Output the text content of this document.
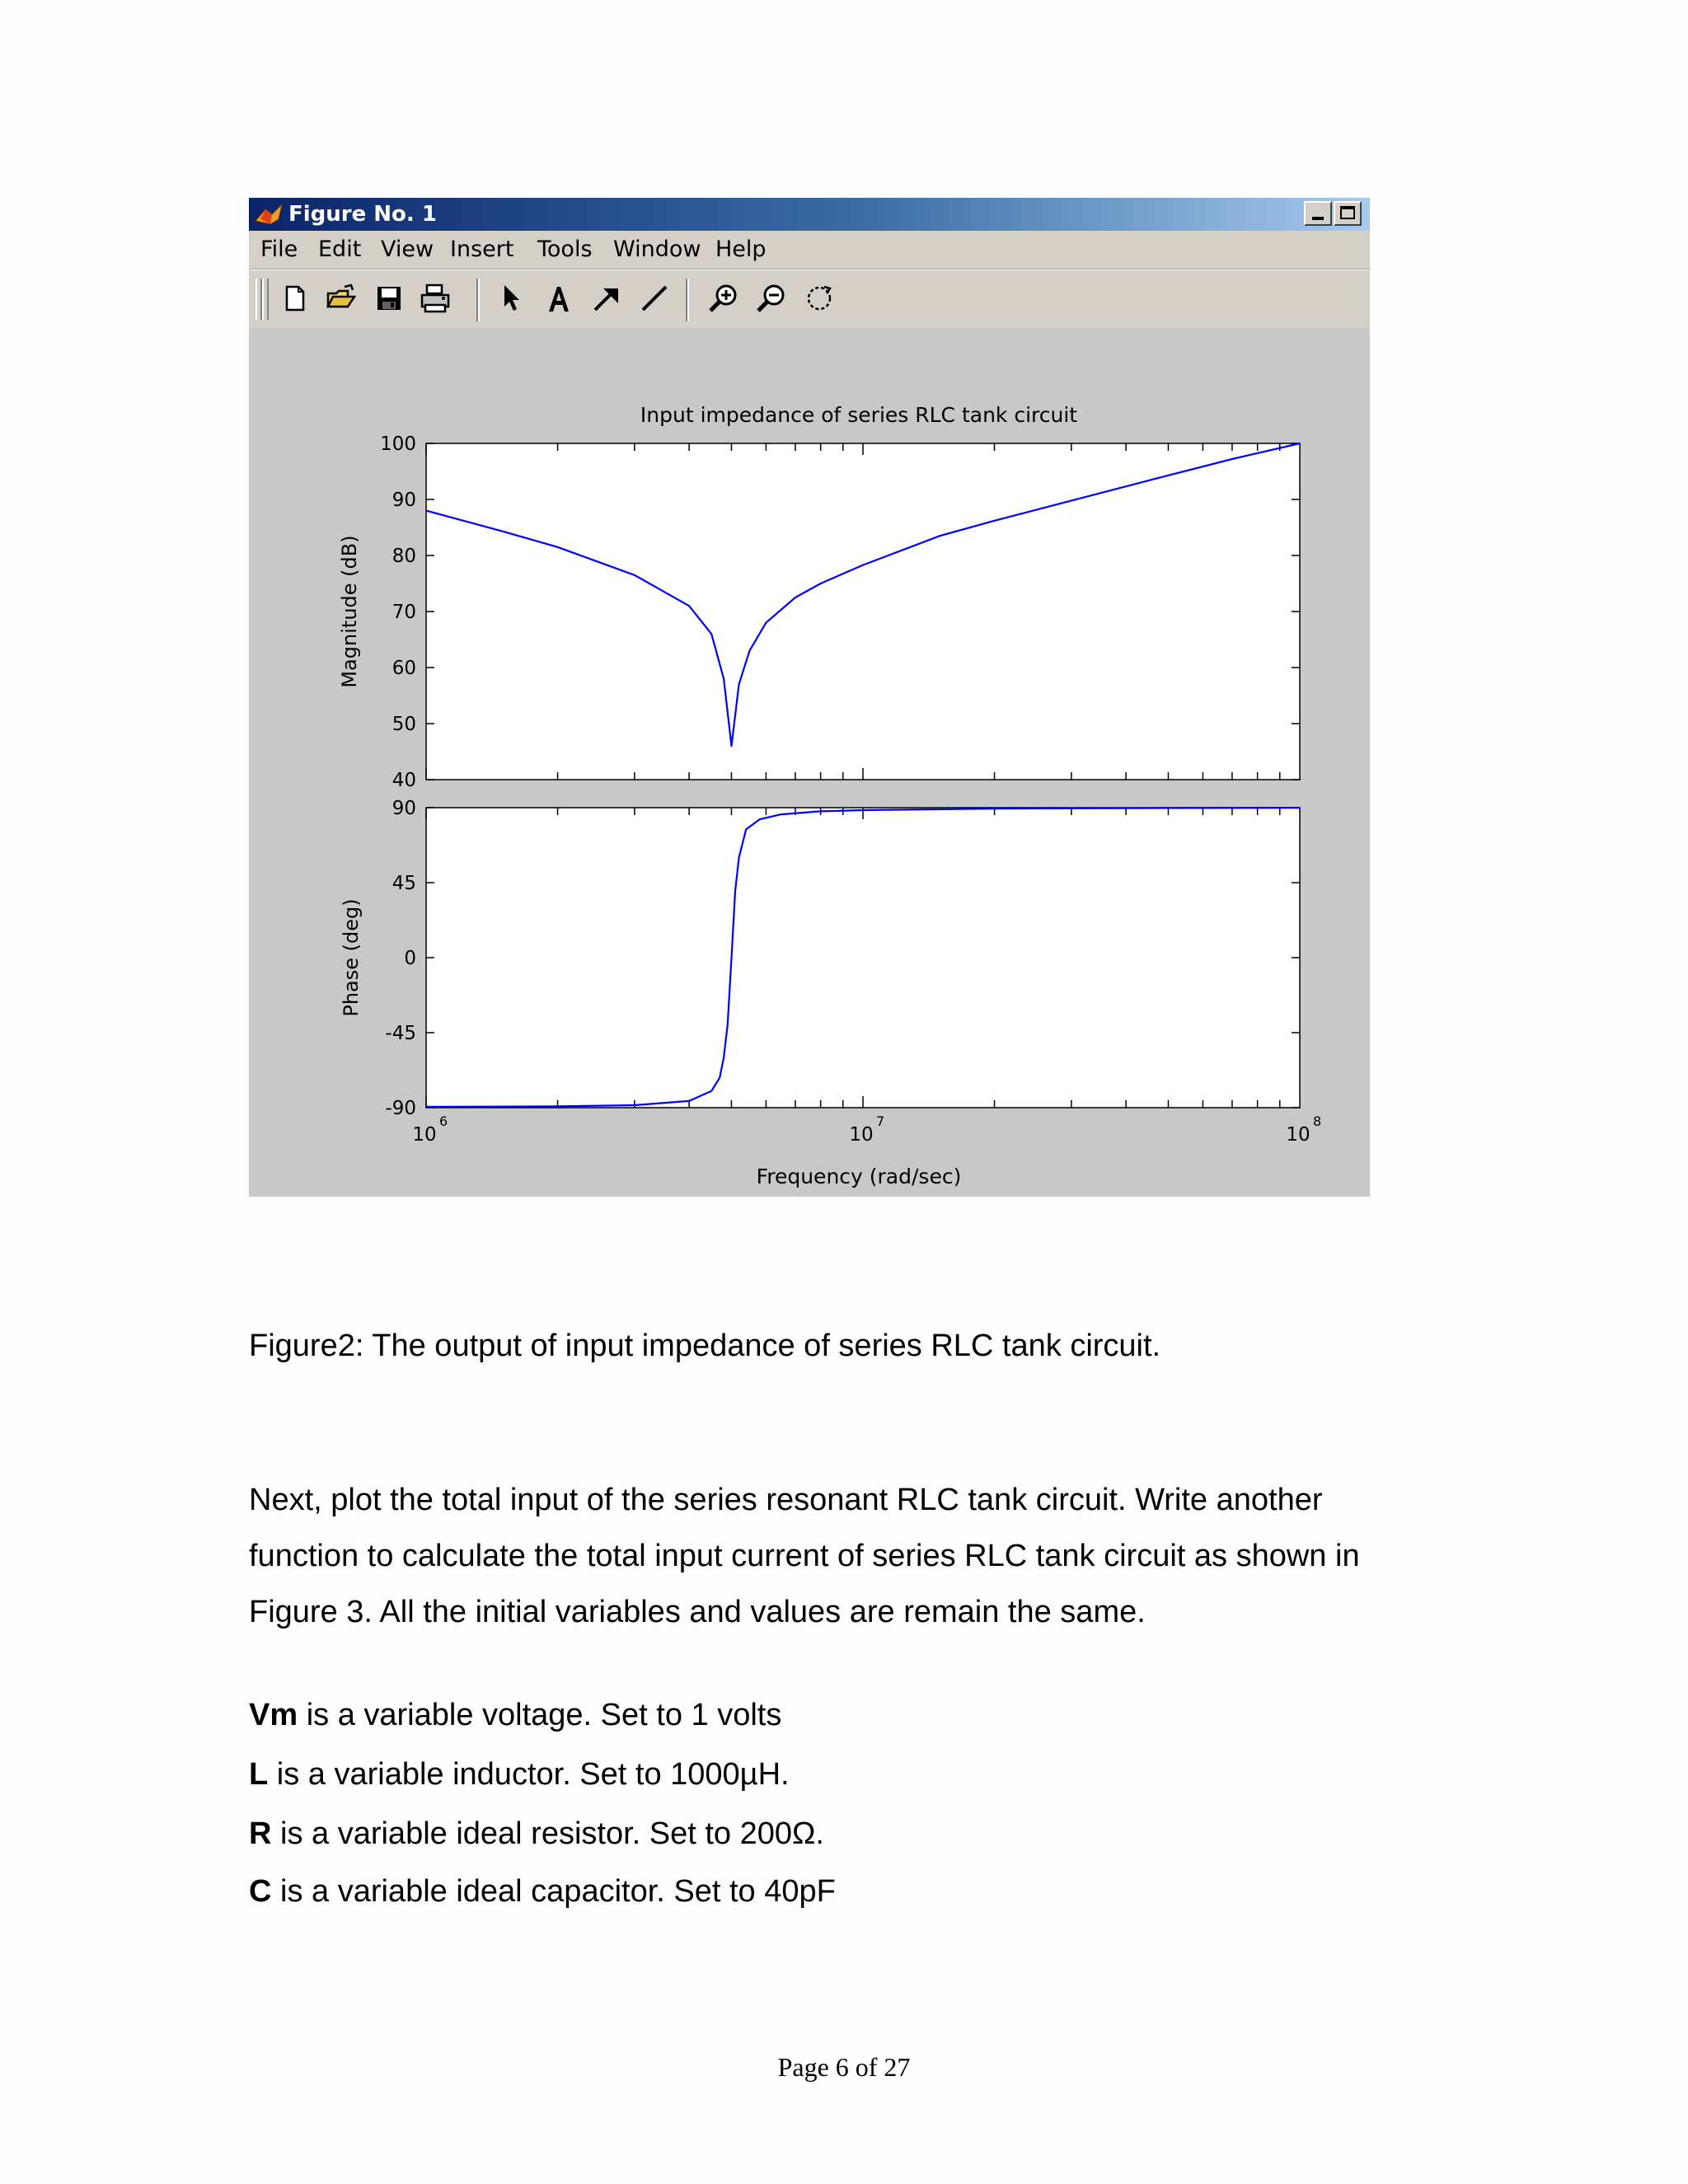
Figure No. 1
File Edit View Insert Tools Window Help
Input impedance of series RLC tank circuit
100
90
80
70
60
50
40
Magnitude (dB)
90
45
0
-45
-90
Phase (deg)
10
6
10
7
10
8
Frequency (rad/sec)
Figure2: The output of input impedance of series RLC tank circuit.
Next, plot the total input of the series resonant RLC tank circuit. Write another
function to calculate the total input current of series RLC tank circuit as shown in
Figure 3. All the initial variables and values are remain the same.
Vm is a variable voltage. Set to 1 volts
L is a variable inductor. Set to 1000µH.
R is a variable ideal resistor. Set to 200Ω.
C is a variable ideal capacitor. Set to 40pF
Page 6 of 27
